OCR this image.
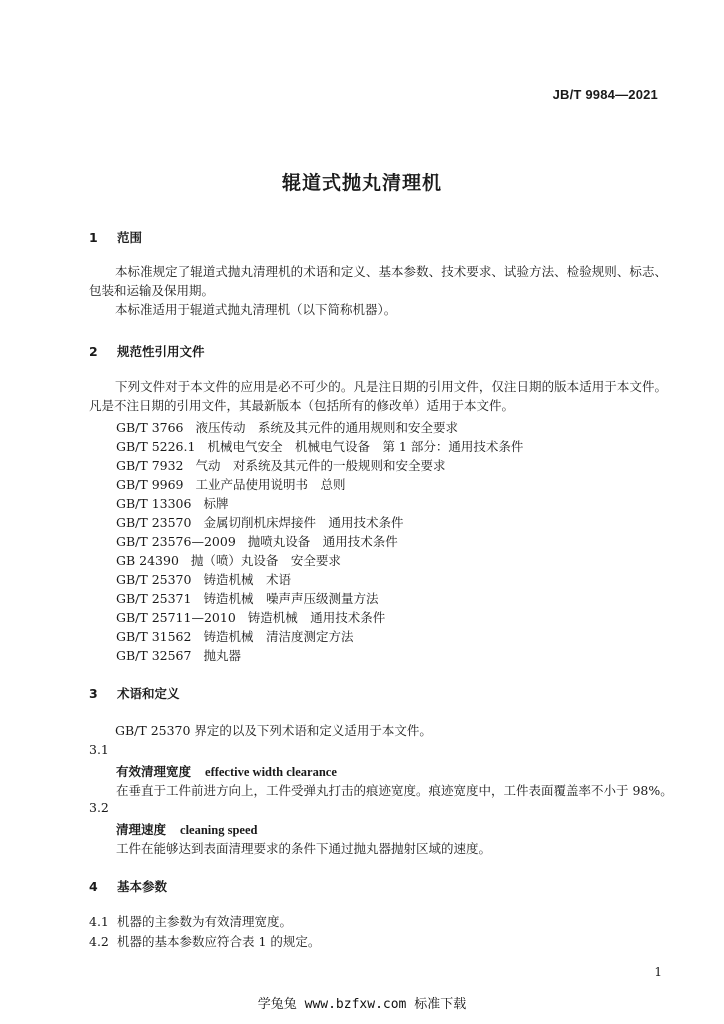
JB/T 9984—2021
辊道式抛丸清理机
1 范围
本标准规定了辊道式抛丸清理机的术语和定义、基本参数、技术要求、试验方法、检验规则、标志、包装和运输及保用期。
本标准适用于辊道式抛丸清理机（以下简称机器）。
2 规范性引用文件
下列文件对于本文件的应用是必不可少的。凡是注日期的引用文件，仅注日期的版本适用于本文件。凡是不注日期的引用文件，其最新版本（包括所有的修改单）适用于本文件。
GB/T 3766 液压传动　系统及其元件的通用规则和安全要求
GB/T 5226.1 机械电气安全　机械电气设备　第 1 部分：通用技术条件
GB/T 7932 气动　对系统及其元件的一般规则和安全要求
GB/T 9969 工业产品使用说明书　总则
GB/T 13306 标牌
GB/T 23570 金属切削机床焊接件　通用技术条件
GB/T 23576—2009 抛喷丸设备　通用技术条件
GB 24390 抛（喷）丸设备　安全要求
GB/T 25370 铸造机械　术语
GB/T 25371 铸造机械　噪声声压级测量方法
GB/T 25711—2010 铸造机械　通用技术条件
GB/T 31562 铸造机械　清洁度测定方法
GB/T 32567 抛丸器
3 术语和定义
GB/T 25370 界定的以及下列术语和定义适用于本文件。
3.1
有效清理宽度 effective width clearance
在垂直于工件前进方向上，工件受弹丸打击的痕迹宽度。痕迹宽度中，工件表面覆盖率不小于 98%。
3.2
清理速度 cleaning speed
工件在能够达到表面清理要求的条件下通过抛丸器抛射区域的速度。
4 基本参数
4.1 机器的主参数为有效清理宽度。
4.2 机器的基本参数应符合表 1 的规定。
1
学兔兔 www.bzfxw.com 标准下载
